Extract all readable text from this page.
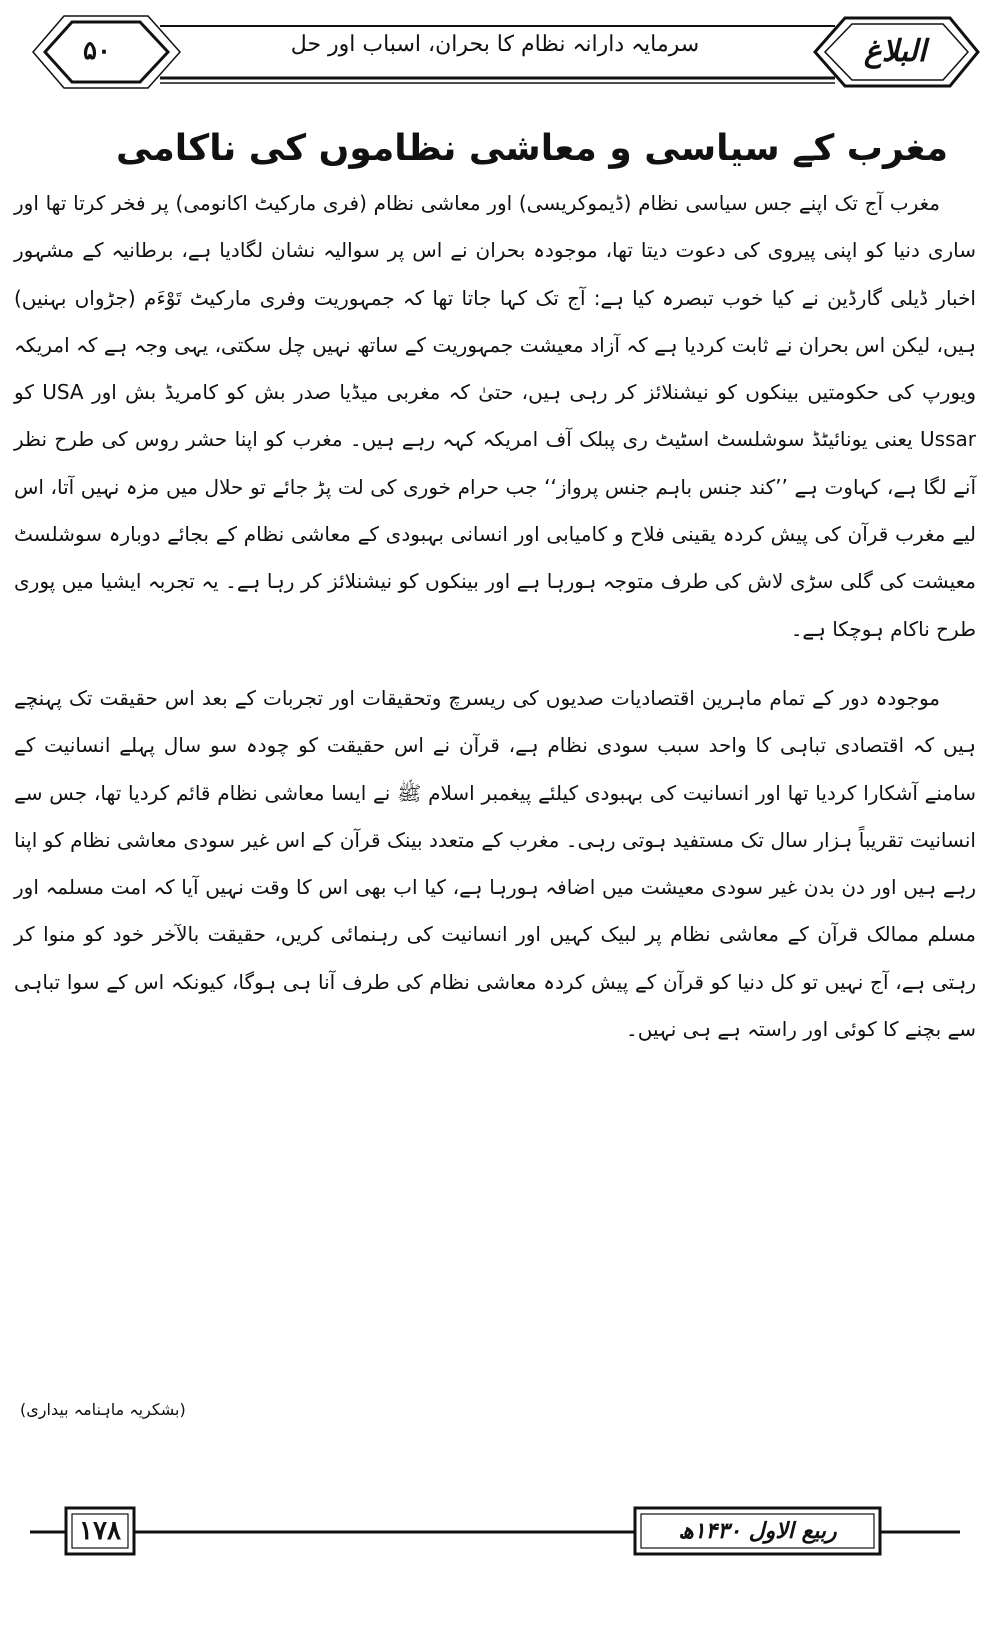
۵۰	سرمایہ دارانہ نظام کا بحران، اسباب اور حل	البلاغ
مغرب کے سیاسی و معاشی نظاموں کی ناکامی

مغرب آج تک اپنے جس سیاسی نظام (ڈیموکریسی) اور معاشی نظام (فری مارکیٹ اکانومی) پر فخر کرتا تھا اور ساری دنیا کو اپنی پیروی کی دعوت دیتا تھا، موجودہ بحران نے اس پر سوالیہ نشان لگادیا ہے، برطانیہ کے مشہور اخبار ڈیلی گارڈین نے کیا خوب تبصرہ کیا ہے: آج تک کہا جاتا تھا کہ جمہوریت وفری مارکیٹ تَوْءَم (جڑواں بہنیں) ہیں، لیکن اس بحران نے ثابت کردیا ہے کہ آزاد معیشت جمہوریت کے ساتھ نہیں چل سکتی، یہی وجہ ہے کہ امریکہ ویورپ کی حکومتیں بینکوں کو نیشنلائز کر رہی ہیں، حتیٰ کہ مغربی میڈیا صدر بش کو کامریڈ بش اور USA کو Ussar یعنی یونائیٹڈ سوشلسٹ اسٹیٹ ری پبلک آف امریکہ کہہ رہے ہیں۔ مغرب کو اپنا حشر روس کی طرح نظر آنے لگا ہے، کہاوت ہے ’’کند جنس باہم جنس پرواز‘‘ جب حرام خوری کی لت پڑ جائے تو حلال میں مزہ نہیں آتا، اس لیے مغرب قرآن کی پیش کردہ یقینی فلاح و کامیابی اور انسانی بہبودی کے معاشی نظام کے بجائے دوبارہ سوشلسٹ معیشت کی گلی سڑی لاش کی طرف متوجہ ہورہا ہے اور بینکوں کو نیشنلائز کر رہا ہے۔ یہ تجربہ ایشیا میں پوری طرح ناکام ہوچکا ہے۔

موجودہ دور کے تمام ماہرین اقتصادیات صدیوں کی ریسرچ وتحقیقات اور تجربات کے بعد اس حقیقت تک پہنچے ہیں کہ اقتصادی تباہی کا واحد سبب سودی نظام ہے، قرآن نے اس حقیقت کو چودہ سو سال پہلے انسانیت کے سامنے آشکارا کردیا تھا اور انسانیت کی بہبودی کیلئے پیغمبر اسلام ﷺ نے ایسا معاشی نظام قائم کردیا تھا، جس سے انسانیت تقریباً ہزار سال تک مستفید ہوتی رہی۔ مغرب کے متعدد بینک قرآن کے اس غیر سودی معاشی نظام کو اپنا رہے ہیں اور دن بدن غیر سودی معیشت میں اضافہ ہورہا ہے، کیا اب بھی اس کا وقت نہیں آیا کہ امت مسلمہ اور مسلم ممالک قرآن کے معاشی نظام پر لبیک کہیں اور انسانیت کی رہنمائی کریں، حقیقت بالآخر خود کو منوا کر رہتی ہے، آج نہیں تو کل دنیا کو قرآن کے پیش کردہ معاشی نظام کی طرف آنا ہی ہوگا، کیونکہ اس کے سوا تباہی سے بچنے کا کوئی اور راستہ ہے ہی نہیں۔

(بشکریہ ماہنامہ بیداری)
۱۷۸	ربیع الاول ۱۴۳۰ھ
